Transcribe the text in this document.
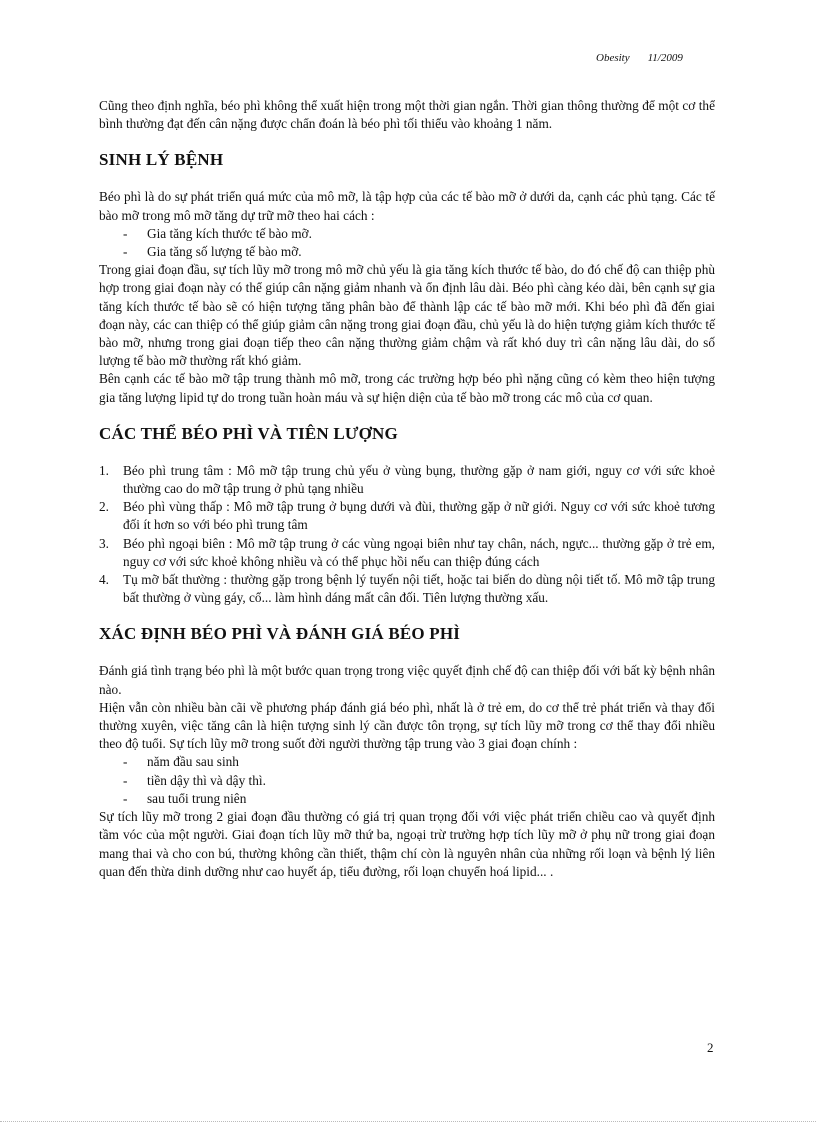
Obesity 11/2009

Cũng theo định nghĩa, béo phì không thể xuất hiện trong một thời gian ngắn. Thời gian thông thường để một cơ thể bình thường đạt đến cân nặng được chẩn đoán là béo phì tối thiểu vào khoảng 1 năm.

SINH LÝ BỆNH

Béo phì là do sự phát triển quá mức của mô mỡ, là tập hợp của các tế bào mỡ ở dưới da, cạnh các phủ tạng. Các tế bào mỡ trong mô mỡ tăng dự trữ mỡ theo hai cách :

- Gia tăng kích thước tế bào mỡ.
- Gia tăng số lượng tế bào mỡ.

Trong giai đoạn đầu, sự tích lũy mỡ trong mô mỡ chủ yếu là gia tăng kích thước tế bào, do đó chế độ can thiệp phù hợp trong giai đoạn này có thể giúp cân nặng giảm nhanh và ổn định lâu dài. Béo phì càng kéo dài, bên cạnh sự gia tăng kích thước tế bào sẽ có hiện tượng tăng phân bào để thành lập các tế bào mỡ mới. Khi béo phì đã đến giai đoạn này, các can thiệp có thể giúp giảm cân nặng trong giai đoạn đầu, chủ yếu là do hiện tượng giảm kích thước tế bào mỡ, nhưng trong giai đoạn tiếp theo cân nặng thường giảm chậm và rất khó duy trì cân nặng lâu dài, do số lượng tế bào mỡ thường rất khó giảm.

Bên cạnh các tế bào mỡ tập trung thành mô mỡ, trong các trường hợp béo phì nặng cũng có kèm theo hiện tượng gia tăng lượng lipid tự do trong tuần hoàn máu và sự hiện diện của tế bào mỡ trong các mô của cơ quan.

CÁC THỂ BÉO PHÌ VÀ TIÊN LƯỢNG
1. Béo phì trung tâm : Mô mỡ tập trung chủ yếu ở vùng bụng, thường gặp ở nam giới, nguy cơ với sức khoẻ thường cao do mỡ tập trung ở phủ tạng nhiều
2. Béo phì vùng thấp : Mô mỡ tập trung ở bụng dưới và đùi, thường gặp ở nữ giới. Nguy cơ với sức khoẻ tương đối ít hơn so với béo phì trung tâm
3. Béo phì ngoại biên : Mô mỡ tập trung ở các vùng ngoại biên như tay chân, nách, ngực... thường gặp ở trẻ em, nguy cơ với sức khoẻ không nhiều và có thể phục hồi nếu can thiệp đúng cách
4. Tụ mỡ bất thường : thường gặp trong bệnh lý tuyến nội tiết, hoặc tai biến do dùng nội tiết tố. Mô mỡ tập trung bất thường ở vùng gáy, cổ... làm hình dáng mất cân đối. Tiên lượng thường xấu.
XÁC ĐỊNH BÉO PHÌ VÀ ĐÁNH GIÁ BÉO PHÌ

Đánh giá tình trạng béo phì là một bước quan trọng trong việc quyết định chế độ can thiệp đối với bất kỳ bệnh nhân nào.

Hiện vẫn còn nhiều bàn cãi về phương pháp đánh giá béo phì, nhất là ở trẻ em, do cơ thể trẻ phát triển và thay đổi thường xuyên, việc tăng cân là hiện tượng sinh lý cần được tôn trọng, sự tích lũy mỡ trong cơ thể thay đổi nhiều theo độ tuổi. Sự tích lũy mỡ trong suốt đời người thường tập trung vào 3 giai đoạn chính :

- năm đầu sau sinh
- tiền dậy thì và dậy thì.
- sau tuổi trung niên

Sự tích lũy mỡ trong 2 giai đoạn đầu thường có giá trị quan trọng đối với việc phát triển chiều cao và quyết định tầm vóc của một người. Giai đoạn tích lũy mỡ thứ ba, ngoại trừ trường hợp tích lũy mỡ ở phụ nữ trong giai đoạn mang thai và cho con bú, thường không cần thiết, thậm chí còn là nguyên nhân của những rối loạn và bệnh lý liên quan đến thừa dinh dưỡng như cao huyết áp, tiểu đường, rối loạn chuyển hoá lipid... .

2
